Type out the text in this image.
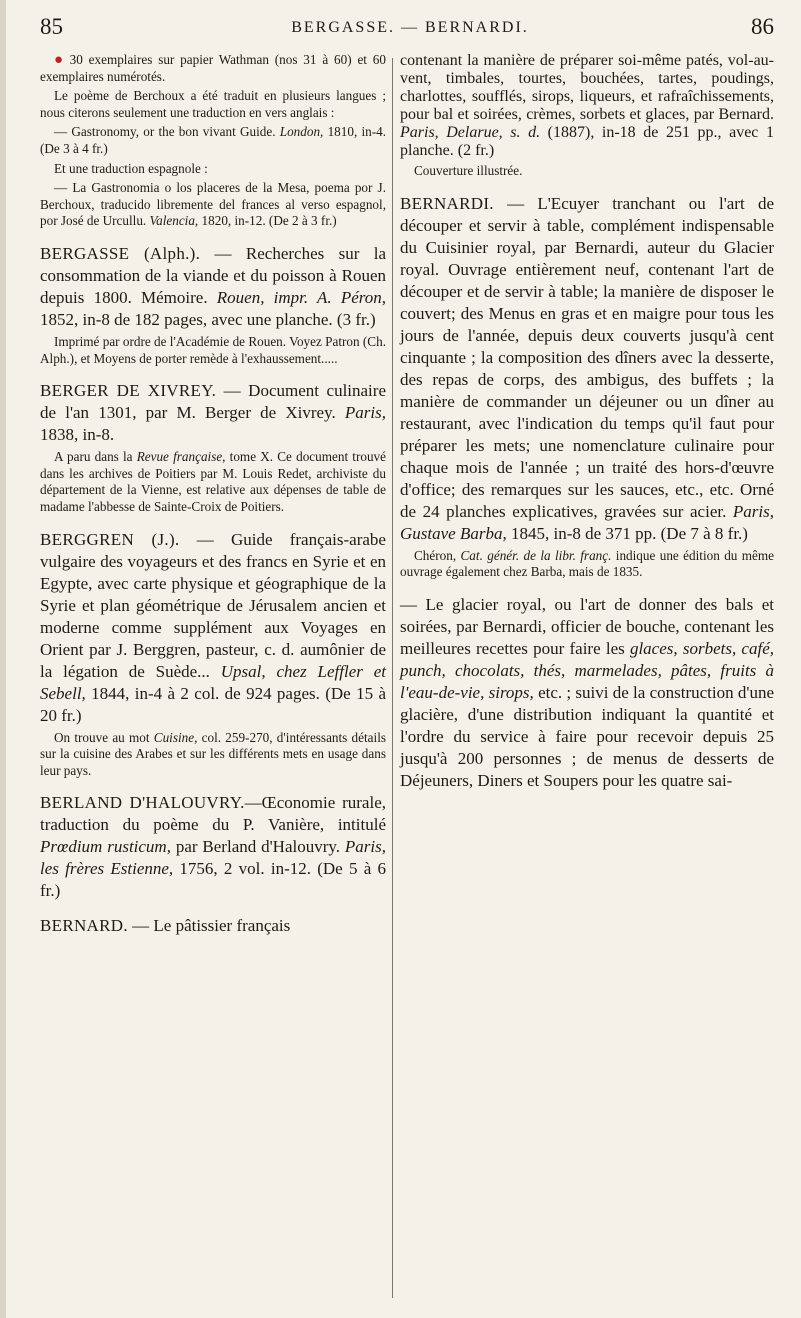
85	BERGASSE. — BERNARDI.	86

● 30 exemplaires sur papier Wathman (nos 31 à 60) et 60 exemplaires numérotés.

Le poème de Berchoux a été traduit en plusieurs langues ; nous citerons seulement une traduction en vers anglais :

— Gastronomy, or the bon vivant Guide. London, 1810, in-4. (De 3 à 4 fr.)

Et une traduction espagnole :

— La Gastronomia o los placeres de la Mesa, poema por J. Berchoux, traducido libremente del frances al verso espagnol, por José de Urcullu. Valencia, 1820, in-12. (De 2 à 3 fr.)

BERGASSE (Alph.). — Recherches sur la consommation de la viande et du poisson à Rouen depuis 1800. Mémoire. Rouen, impr. A. Péron, 1852, in-8 de 182 pages, avec une planche. (3 fr.)

Imprimé par ordre de l'Académie de Rouen. Voyez Patron (Ch. Alph.), et Moyens de porter remède à l'exhaussement.....

BERGER DE XIVREY. — Document culinaire de l'an 1301, par M. Berger de Xivrey. Paris, 1838, in-8.

A paru dans la Revue française, tome X. Ce document trouvé dans les archives de Poitiers par M. Louis Redet, archiviste du département de la Vienne, est relative aux dépenses de table de madame l'abbesse de Sainte-Croix de Poitiers.

BERGGREN (J.). — Guide français-arabe vulgaire des voyageurs et des francs en Syrie et en Egypte, avec carte physique et géographique de la Syrie et plan géométrique de Jérusalem ancien et moderne comme supplément aux Voyages en Orient par J. Berggren, pasteur, c. d. aumônier de la légation de Suède... Upsal, chez Leffler et Sebell, 1844, in-4 à 2 col. de 924 pages. (De 15 à 20 fr.)

On trouve au mot Cuisine, col. 259-270, d'intéressants détails sur la cuisine des Arabes et sur les différents mets en usage dans leur pays.

BERLAND D'HALOUVRY.—Œconomie rurale, traduction du poème du P. Vanière, intitulé Prœdium rusticum, par Berland d'Halouvry. Paris, les frères Estienne, 1756, 2 vol. in-12. (De 5 à 6 fr.)

BERNARD. — Le pâtissier français

contenant la manière de préparer soi-même patés, vol-au-vent, timbales, tourtes, bouchées, tartes, poudings, charlottes, soufflés, sirops, liqueurs, et rafraîchissements, pour bal et soirées, crèmes, sorbets et glaces, par Bernard. Paris, Delarue, s. d. (1887), in-18 de 251 pp., avec 1 planche. (2 fr.)

Couverture illustrée.

BERNARDI. — L'Ecuyer tranchant ou l'art de découper et servir à table, complément indispensable du Cuisinier royal, par Bernardi, auteur du Glacier royal. Ouvrage entièrement neuf, contenant l'art de découper et de servir à table; la manière de disposer le couvert; des Menus en gras et en maigre pour tous les jours de l'année, depuis deux couverts jusqu'à cent cinquante ; la composition des dîners avec la desserte, des repas de corps, des ambigus, des buffets ; la manière de commander un déjeuner ou un dîner au restaurant, avec l'indication du temps qu'il faut pour préparer les mets; une nomenclature culinaire pour chaque mois de l'année ; un traité des hors-d'œuvre d'office; des remarques sur les sauces, etc., etc. Orné de 24 planches explicatives, gravées sur acier. Paris, Gustave Barba, 1845, in-8 de 371 pp. (De 7 à 8 fr.)

Chéron, Cat. génér. de la libr. franç. indique une édition du même ouvrage également chez Barba, mais de 1835.

— Le glacier royal, ou l'art de donner des bals et soirées, par Bernardi, officier de bouche, contenant les meilleures recettes pour faire les glaces, sorbets, café, punch, chocolats, thés, marmelades, pâtes, fruits à l'eau-de-vie, sirops, etc. ; suivi de la construction d'une glacière, d'une distribution indiquant la quantité et l'ordre du service à faire pour recevoir depuis 25 jusqu'à 200 personnes ; de menus de desserts de Déjeuners, Diners et Soupers pour les quatre sai-
